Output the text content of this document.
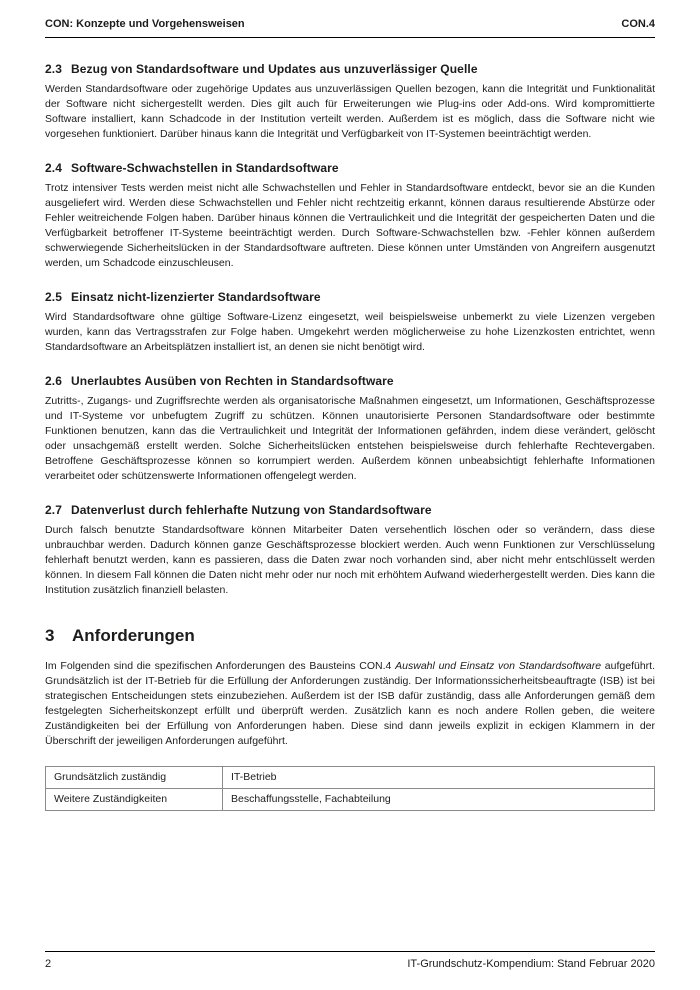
CON: Konzepte und Vorgehensweisen	CON.4
2.3 Bezug von Standardsoftware und Updates aus unzuverlässiger Quelle

Werden Standardsoftware oder zugehörige Updates aus unzuverlässigen Quellen bezogen, kann die Integrität und Funktionalität der Software nicht sichergestellt werden. Dies gilt auch für Erweiterungen wie Plug-ins oder Add-ons. Wird kompromittierte Software installiert, kann Schadcode in der Institution verteilt werden. Außerdem ist es möglich, dass die Software nicht wie vorgesehen funktioniert. Darüber hinaus kann die Integrität und Verfügbarkeit von IT-Systemen beeinträchtigt werden.

2.4 Software-Schwachstellen in Standardsoftware

Trotz intensiver Tests werden meist nicht alle Schwachstellen und Fehler in Standardsoftware entdeckt, bevor sie an die Kunden ausgeliefert wird. Werden diese Schwachstellen und Fehler nicht rechtzeitig erkannt, können daraus resultierende Abstürze oder Fehler weitreichende Folgen haben. Darüber hinaus können die Vertraulichkeit und die Integrität der gespeicherten Daten und die Verfügbarkeit betroffener IT-Systeme beeinträchtigt werden. Durch Software-Schwachstellen bzw. -Fehler können außerdem schwerwiegende Sicherheitslücken in der Standardsoftware auftreten. Diese können unter Umständen von Angreifern ausgenutzt werden, um Schadcode einzuschleusen.

2.5 Einsatz nicht-lizenzierter Standardsoftware

Wird Standardsoftware ohne gültige Software-Lizenz eingesetzt, weil beispielsweise unbemerkt zu viele Lizenzen vergeben wurden, kann das Vertragsstrafen zur Folge haben. Umgekehrt werden möglicherweise zu hohe Lizenzkosten entrichtet, wenn Standardsoftware an Arbeitsplätzen installiert ist, an denen sie nicht benötigt wird.

2.6 Unerlaubtes Ausüben von Rechten in Standardsoftware

Zutritts-, Zugangs- und Zugriffsrechte werden als organisatorische Maßnahmen eingesetzt, um Informationen, Geschäftsprozesse und IT-Systeme vor unbefugtem Zugriff zu schützen. Können unautorisierte Personen Standardsoftware oder bestimmte Funktionen benutzen, kann das die Vertraulichkeit und Integrität der Informationen gefährden, indem diese verändert, gelöscht oder unsachgemäß erstellt werden. Solche Sicherheitslücken entstehen beispielsweise durch fehlerhafte Rechtevergaben. Betroffene Geschäftsprozesse können so korrumpiert werden. Außerdem können unbeabsichtigt fehlerhafte Informationen verarbeitet oder schützenswerte Informationen offengelegt werden.

2.7 Datenverlust durch fehlerhafte Nutzung von Standardsoftware

Durch falsch benutzte Standardsoftware können Mitarbeiter Daten versehentlich löschen oder so verändern, dass diese unbrauchbar werden. Dadurch können ganze Geschäftsprozesse blockiert werden. Auch wenn Funktionen zur Verschlüsselung fehlerhaft benutzt werden, kann es passieren, dass die Daten zwar noch vorhanden sind, aber nicht mehr entschlüsselt werden können. In diesem Fall können die Daten nicht mehr oder nur noch mit erhöhtem Aufwand wiederhergestellt werden. Dies kann die Institution zusätzlich finanziell belasten.

3 Anforderungen

Im Folgenden sind die spezifischen Anforderungen des Bausteins CON.4 Auswahl und Einsatz von Standardsoftware aufgeführt. Grundsätzlich ist der IT-Betrieb für die Erfüllung der Anforderungen zuständig. Der Informationssicherheitsbeauftragte (ISB) ist bei strategischen Entscheidungen stets einzubeziehen. Außerdem ist der ISB dafür zuständig, dass alle Anforderungen gemäß dem festgelegten Sicherheitskonzept erfüllt und überprüft werden. Zusätzlich kann es noch andere Rollen geben, die weitere Zuständigkeiten bei der Erfüllung von Anforderungen haben. Diese sind dann jeweils explizit in eckigen Klammern in der Überschrift der jeweiligen Anforderungen aufgeführt.

Grundsätzlich zuständig	IT-Betrieb
Weitere Zuständigkeiten	Beschaffungsstelle, Fachabteilung
2	IT-Grundschutz-Kompendium: Stand Februar 2020
